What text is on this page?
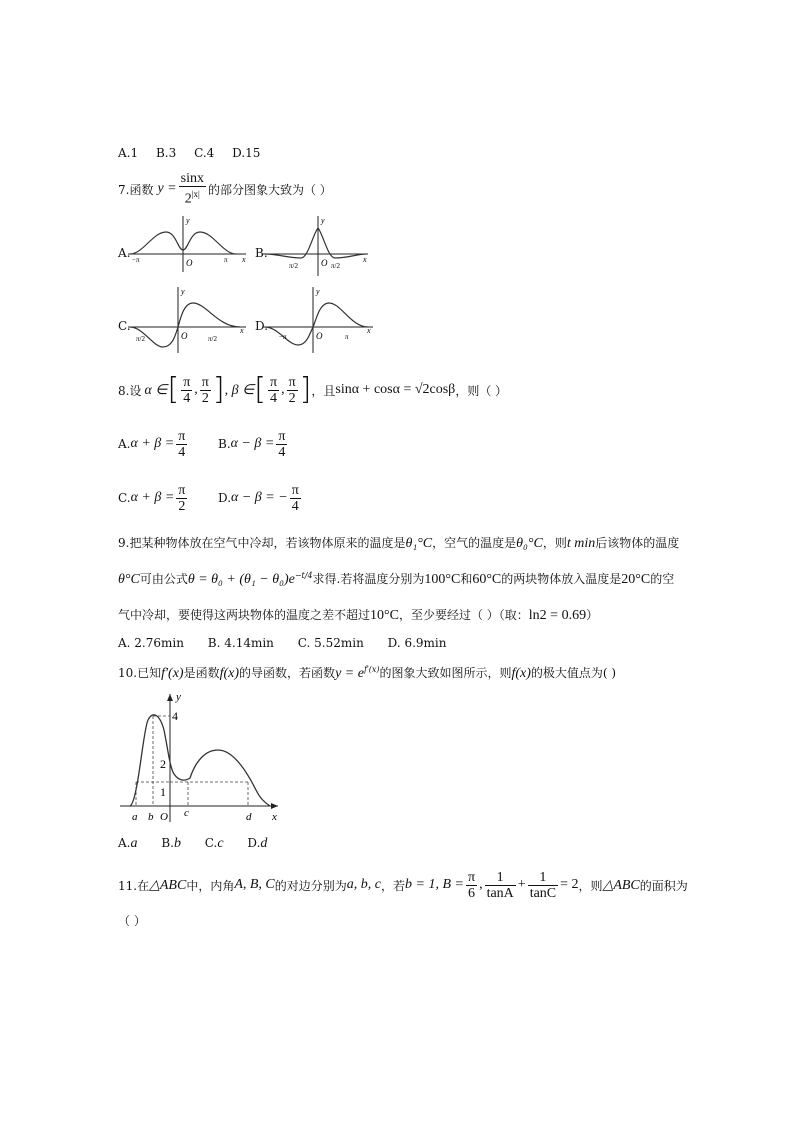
A.1 B.3 C.4 D.15
7.函数 $y = \frac{\sin x}{2^{|x|}}$ 的部分图象大致为（ ）
A.
y
x
O
−π	π B.
y
x
O
π/2	π/2
C.
y
x
O
π/2	π/2
D.
y
x
O
−π	π
8.设 α ∈ [ $\frac{\pi}{4}$ , $\frac{\pi}{2}$ ] , β ∈ [ $\frac{\pi}{4}$ , $\frac{\pi}{2}$ ] ，且 sinα + cosα = √2cosβ ，则（ ）
A. $\alpha + \beta = \frac{\pi}{4}$	B. $\alpha - \beta = \frac{\pi}{4}$
C. $\alpha + \beta = \frac{\pi}{2}$	D. α − β = − $\frac{\pi}{4}$
9.把某种物体放在空气中冷却，若该物体原来的温度是θ₁°C，空气的温度是θ₀°C，则t min后该物体的温度
θ°C可由公式$\theta = \theta_0 + (\theta_1 - \theta_0)e^{-t/4}$求得.若将温度分别为100°C和60°C的两块物体放入温度是20°C的空
气中冷却，要使得这两块物体的温度之差不超过10°C，至少要经过（ ）（取：ln2 = 0.69）
A. 2.76min B. 4.14min C. 5.52min D. 6.9min
10.已知f′(x)是函数f(x)的导函数，若函数$y = e^{f'(x)}$的图象大致如图所示，则f(x)的极大值点为( )
y
x
4
2
1
a b O c	d
A.a B.b C.c D.d
11.在 △ABC 中，内角 A, B, C 的对边分别为 a, b, c ，若 b = 1, $B = \frac{\pi}{6}$ , $\frac{1}{\tan A} + \frac{1}{\tan C} = 2$ ，则 △ABC 的面积为
（ ）
